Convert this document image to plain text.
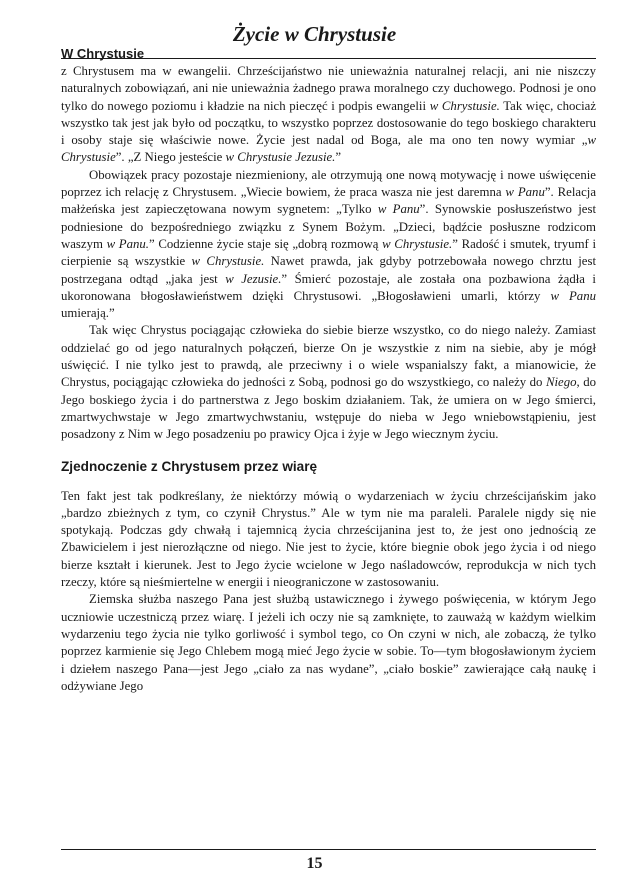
Życie w Chrystusie
W Chrystusie

z Chrystusem ma w ewangelii. Chrześcijaństwo nie unieważnia naturalnej relacji, ani nie niszczy naturalnych zobowiązań, ani nie unieważnia żadnego prawa moralnego czy duchowego. Podnosi je ono tylko do nowego poziomu i kładzie na nich pieczęć i podpis ewangelii w Chrystusie. Tak więc, chociaż wszystko tak jest jak było od początku, to wszystko poprzez dostosowanie do tego boskiego charakteru i osoby staje się właściwie nowe. Życie jest nadal od Boga, ale ma ono ten nowy wymiar „w Chrystusie”. „Z Niego jesteście w Chrystusie Jezusie.”

Obowiązek pracy pozostaje niezmieniony, ale otrzymują one nową motywację i nowe uświęcenie poprzez ich relację z Chrystusem. „Wiecie bowiem, że praca wasza nie jest daremna w Panu”. Relacja małżeńska jest zapieczętowana nowym sygnetem: „Tylko w Panu”. Synowskie posłuszeństwo jest podniesione do bezpośredniego związku z Synem Bożym. „Dzieci, bądźcie posłuszne rodzicom waszym w Panu.” Codzienne życie staje się „dobrą rozmową w Chrystusie.” Radość i smutek, tryumf i cierpienie są wszystkie w Chrystusie. Nawet prawda, jak gdyby potrzebowała nowego chrztu jest postrzegana odtąd „jaka jest w Jezusie.” Śmierć pozostaje, ale została ona pozbawiona żądła i ukoronowana błogosławieństwem dzięki Chrystusowi. „Błogosławieni umarli, którzy w Panu umierają.”

Tak więc Chrystus pociągając człowieka do siebie bierze wszystko, co do niego należy. Zamiast oddzielać go od jego naturalnych połączeń, bierze On je wszystkie z nim na siebie, aby je mógł uświęcić. I nie tylko jest to prawdą, ale przeciwny i o wiele wspanialszy fakt, a mianowicie, że Chrystus, pociągając człowieka do jedności z Sobą, podnosi go do wszystkiego, co należy do Niego, do Jego boskiego życia i do partnerstwa z Jego boskim działaniem. Tak, że umiera on w Jego śmierci, zmartwychwstaje w Jego zmartwychwstaniu, wstępuje do nieba w Jego wniebowstąpieniu, jest posadzony z Nim w Jego posadzeniu po prawicy Ojca i żyje w Jego wiecznym życiu.

Zjednoczenie z Chrystusem przez wiarę

Ten fakt jest tak podkreślany, że niektórzy mówią o wydarzeniach w życiu chrześcijańskim jako „bardzo zbieżnych z tym, co czynił Chrystus.” Ale w tym nie ma paraleli. Paralele nigdy się nie spotykają. Podczas gdy chwałą i tajemnicą życia chrześcijanina jest to, że jest ono jednością ze Zbawicielem i jest nierozłączne od niego. Nie jest to życie, które biegnie obok jego życia i od niego bierze kształt i kierunek. Jest to Jego życie wcielone w Jego naśladowców, reprodukcja w nich tych rzeczy, które są nieśmiertelne w energii i nieograniczone w zastosowaniu.

Ziemska służba naszego Pana jest służbą ustawicznego i żywego poświęcenia, w którym Jego uczniowie uczestniczą przez wiarę. I jeżeli ich oczy nie są zamknięte, to zauważą w każdym wielkim wydarzeniu tego życia nie tylko gorliwość i symbol tego, co On czyni w nich, ale zobaczą, że tylko poprzez karmienie się Jego Chlebem mogą mieć Jego życie w sobie. To—tym błogosławionym życiem i dziełem naszego Pana—jest Jego „ciało za nas wydane”, „ciało boskie” zawierające całą naukę i odżywiane Jego

15
